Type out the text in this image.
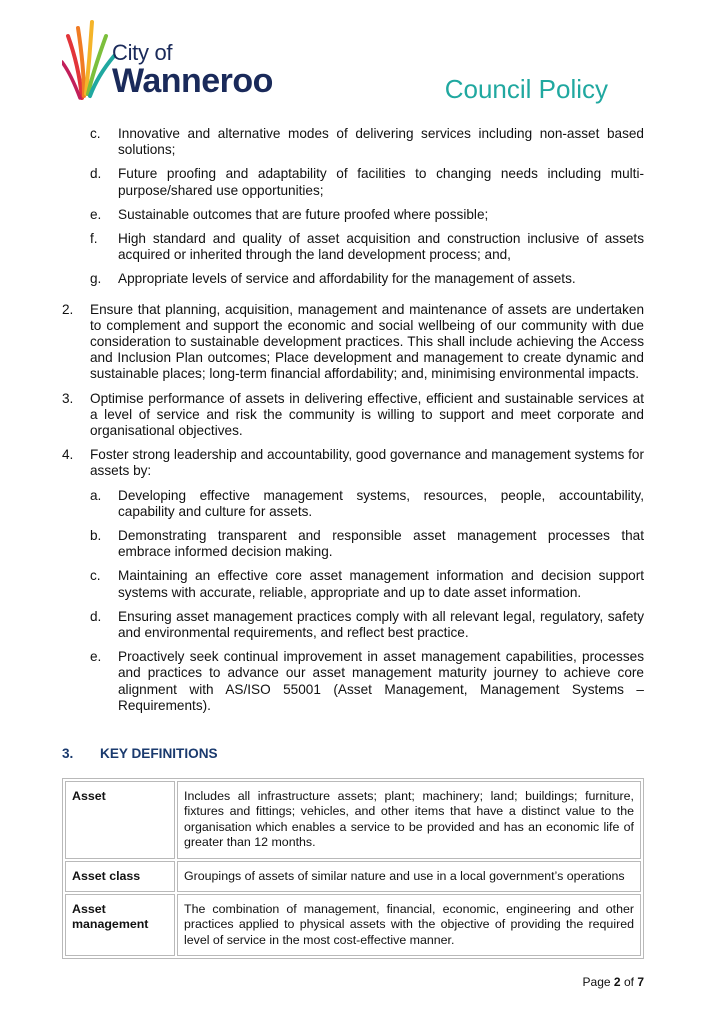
City of
Wanneroo	Council Policy
c.	Innovative and alternative modes of delivering services including non-asset based solutions;
d.	Future proofing and adaptability of facilities to changing needs including multi-purpose/shared use opportunities;
e.	Sustainable outcomes that are future proofed where possible;
f.	High standard and quality of asset acquisition and construction inclusive of assets acquired or inherited through the land development process; and,
g.	Appropriate levels of service and affordability for the management of assets.
2.	Ensure that planning, acquisition, management and maintenance of assets are undertaken to complement and support the economic and social wellbeing of our community with due consideration to sustainable development practices. This shall include achieving the Access and Inclusion Plan outcomes; Place development and management to create dynamic and sustainable places; long-term financial affordability; and, minimising environmental impacts.
3.	Optimise performance of assets in delivering effective, efficient and sustainable services at a level of service and risk the community is willing to support and meet corporate and organisational objectives.
4.	Foster strong leadership and accountability, good governance and management systems for assets by:
a.	Developing effective management systems, resources, people, accountability, capability and culture for assets.
b.	Demonstrating transparent and responsible asset management processes that embrace informed decision making.
c.	Maintaining an effective core asset management information and decision support systems with accurate, reliable, appropriate and up to date asset information.
d.	Ensuring asset management practices comply with all relevant legal, regulatory, safety and environmental requirements, and reflect best practice.
e.	Proactively seek continual improvement in asset management capabilities, processes and practices to advance our asset management maturity journey to achieve core alignment with AS/ISO 55001 (Asset Management, Management Systems – Requirements).
3. KEY DEFINITIONS
Asset	Includes all infrastructure assets; plant; machinery; land; buildings; furniture, fixtures and fittings; vehicles, and other items that have a distinct value to the organisation which enables a service to be provided and has an economic life of greater than 12 months.
Asset class	Groupings of assets of similar nature and use in a local government’s operations
Asset management	The combination of management, financial, economic, engineering and other practices applied to physical assets with the objective of providing the required level of service in the most cost-effective manner.
Page 2 of 7
